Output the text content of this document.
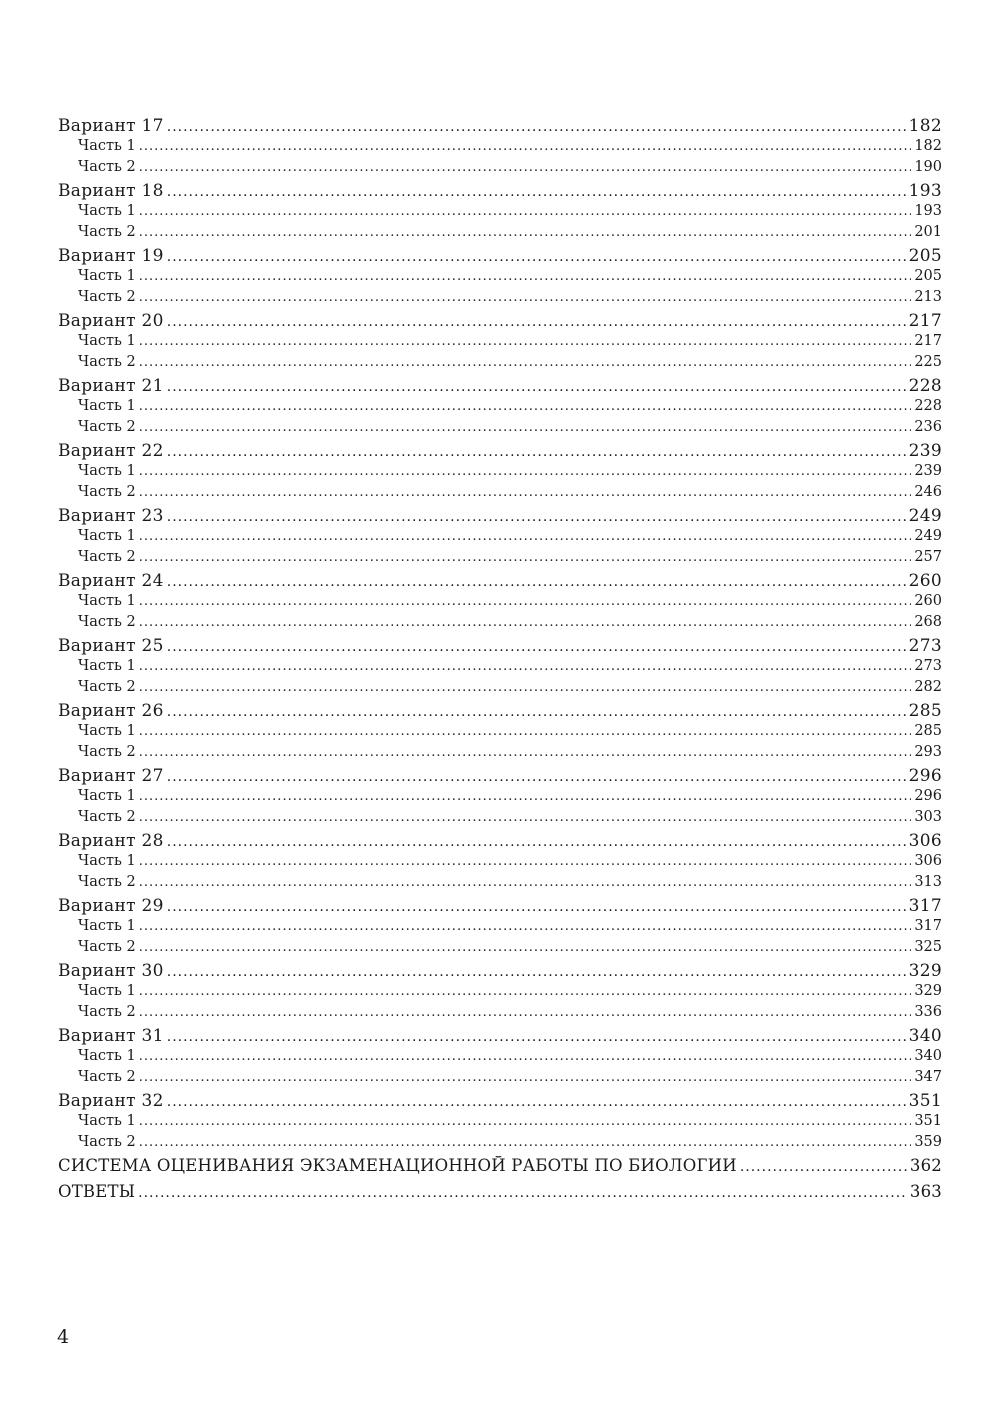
Вариант 17 .....	182
Часть 1 .....	182
Часть 2 .....	190
Вариант 18 .....	193
Часть 1 .....	193
Часть 2 .....	201
Вариант 19 .....	205
Часть 1 .....	205
Часть 2 .....	213
Вариант 20 .....	217
Часть 1 .....	217
Часть 2 .....	225
Вариант 21 .....	228
Часть 1 .....	228
Часть 2 .....	236
Вариант 22 .....	239
Часть 1 .....	239
Часть 2 .....	246
Вариант 23 .....	249
Часть 1 .....	249
Часть 2 .....	257
Вариант 24 .....	260
Часть 1 .....	260
Часть 2 .....	268
Вариант 25 .....	273
Часть 1 .....	273
Часть 2 .....	282
Вариант 26 .....	285
Часть 1 .....	285
Часть 2 .....	293
Вариант 27 .....	296
Часть 1 .....	296
Часть 2 .....	303
Вариант 28 .....	306
Часть 1 .....	306
Часть 2 .....	313
Вариант 29 .....	317
Часть 1 .....	317
Часть 2 .....	325
Вариант 30 .....	329
Часть 1 .....	329
Часть 2 .....	336
Вариант 31 .....	340
Часть 1 .....	340
Часть 2 .....	347
Вариант 32 .....	351
Часть 1 .....	351
Часть 2 .....	359
СИСТЕМА ОЦЕНИВАНИЯ ЭКЗАМЕНАЦИОННОЙ РАБОТЫ ПО БИОЛОГИИ .....	362
ОТВЕТЫ .....	363
4
